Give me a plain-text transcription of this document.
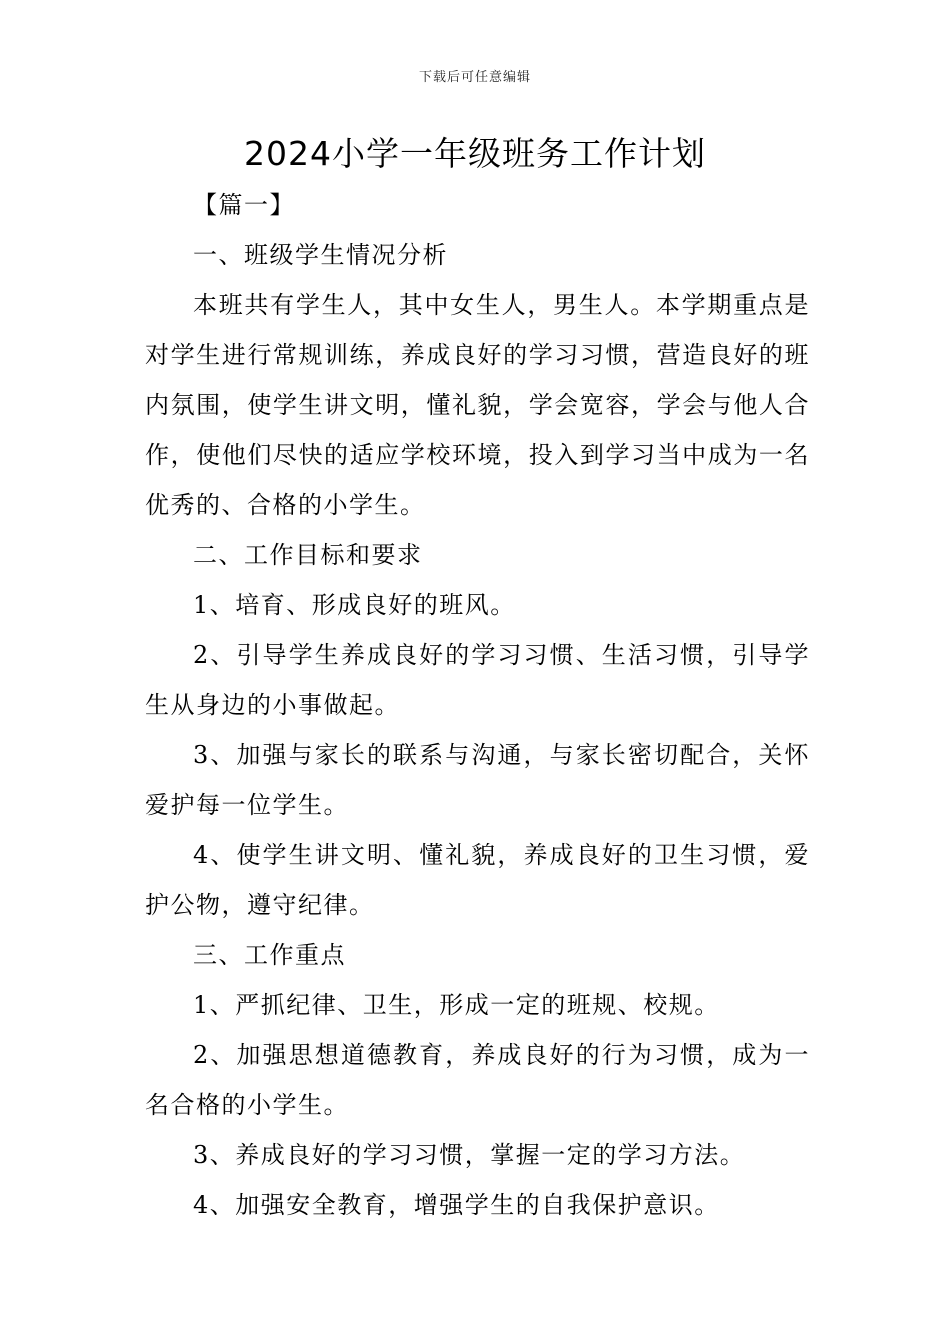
下载后可任意编辑
2024小学一年级班务工作计划

【篇一】

一、班级学生情况分析

本班共有学生人，其中女生人，男生人。本学期重点是对学生进行常规训练，养成良好的学习习惯，营造良好的班内氛围，使学生讲文明，懂礼貌，学会宽容，学会与他人合作，使他们尽快的适应学校环境，投入到学习当中成为一名优秀的、合格的小学生。

二、工作目标和要求

1、培育、形成良好的班风。

2、引导学生养成良好的学习习惯、生活习惯，引导学生从身边的小事做起。

3、加强与家长的联系与沟通，与家长密切配合，关怀爱护每一位学生。

4、使学生讲文明、懂礼貌，养成良好的卫生习惯，爱护公物，遵守纪律。

三、工作重点

1、严抓纪律、卫生，形成一定的班规、校规。

2、加强思想道德教育，养成良好的行为习惯，成为一名合格的小学生。

3、养成良好的学习习惯，掌握一定的学习方法。

4、加强安全教育，增强学生的自我保护意识。
